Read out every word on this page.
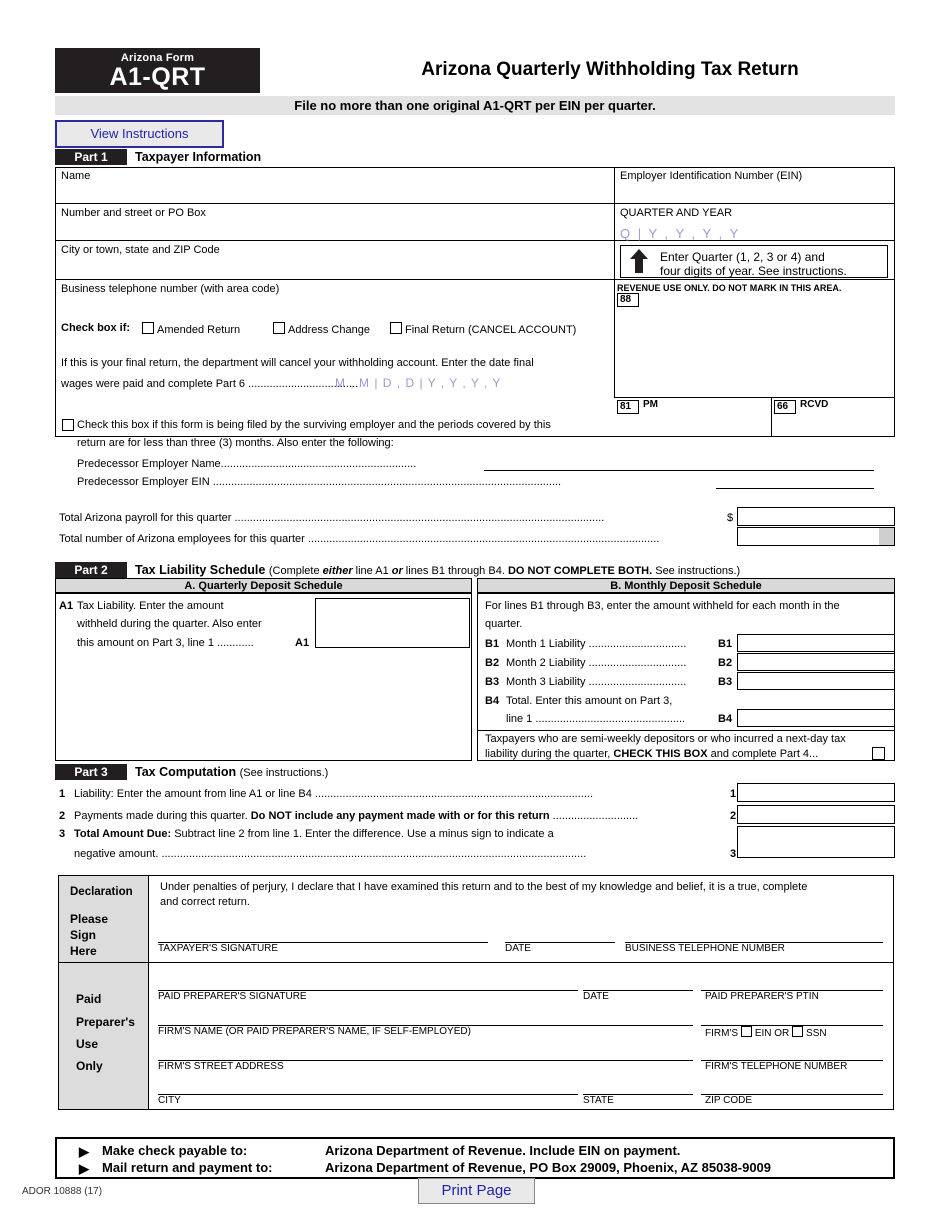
Arizona Form
A1-QRT	Arizona Quarterly Withholding Tax Return
File no more than one original A1-QRT per EIN per quarter.
View Instructions
Part 1	Taxpayer Information
Name	Employer Identification Number (EIN)
Number and street or PO Box	QUARTER AND YEAR
Q | Y , Y , Y , Y
City or town, state and ZIP Code	Enter Quarter (1, 2, 3 or 4) and
four digits of year. See instructions.
Business telephone number (with area code)	REVENUE USE ONLY. DO NOT MARK IN THIS AREA.
88
Check box if:	Amended Return	Address Change	Final Return (CANCEL ACCOUNT)
If this is your final return, the department will cancel your withholding account. Enter the date final
wages were paid and complete Part 6 ....................................
M , M | D , D | Y , Y , Y , Y
81 PM	66 RCVD
Check this box if this form is being filed by the surviving employer and the periods covered by this
return are for less than three (3) months. Also enter the following:
Predecessor Employer Name................................................................
Predecessor Employer EIN ..................................................................................................................
Total Arizona payroll for this quarter .........................................................................................................................	$
Total number of Arizona employees for this quarter ...................................................................................................................
Part 2	Tax Liability Schedule (Complete either line A1 or lines B1 through B4. DO NOT COMPLETE BOTH. See instructions.)
A. Quarterly Deposit Schedule	B. Monthly Deposit Schedule
A1 Tax Liability. Enter the amount
withheld during the quarter. Also enter
this amount on Part 3, line 1 ............	A1
For lines B1 through B3, enter the amount withheld for each month in the
quarter.
B1 Month 1 Liability ................................	B1
B2 Month 2 Liability ................................	B2
B3 Month 3 Liability ................................	B3
B4 Total. Enter this amount on Part 3,
line 1 .................................................	B4
Taxpayers who are semi-weekly depositors or who incurred a next-day tax
liability during the quarter, CHECK THIS BOX and complete Part 4...
Part 3	Tax Computation (See instructions.)
1 Liability: Enter the amount from line A1 or line B4 ...........................................................................................	1
2 Payments made during this quarter. Do NOT include any payment made with or for this return ............................	2
3 Total Amount Due: Subtract line 2 from line 1. Enter the difference. Use a minus sign to indicate a
negative amount. ...........................................................................................................................................	3
Declaration Under penalties of perjury, I declare that I have examined this return and to the best of my knowledge and belief, it is a true, complete
and correct return.
Please
Sign
Here	TAXPAYER'S SIGNATURE	DATE	BUSINESS TELEPHONE NUMBER
Paid
Preparer's
Use
Only
PAID PREPARER'S SIGNATURE	DATE	PAID PREPARER'S PTIN
FIRM'S NAME (OR PAID PREPARER'S NAME, IF SELF-EMPLOYED)	FIRM'S EIN OR SSN
FIRM'S STREET ADDRESS	FIRM'S TELEPHONE NUMBER
CITY	STATE	ZIP CODE
▶ Make check payable to:	Arizona Department of Revenue. Include EIN on payment.
▶ Mail return and payment to:	Arizona Department of Revenue, PO Box 29009, Phoenix, AZ 85038-9009
ADOR 10888 (17)	Print Page
